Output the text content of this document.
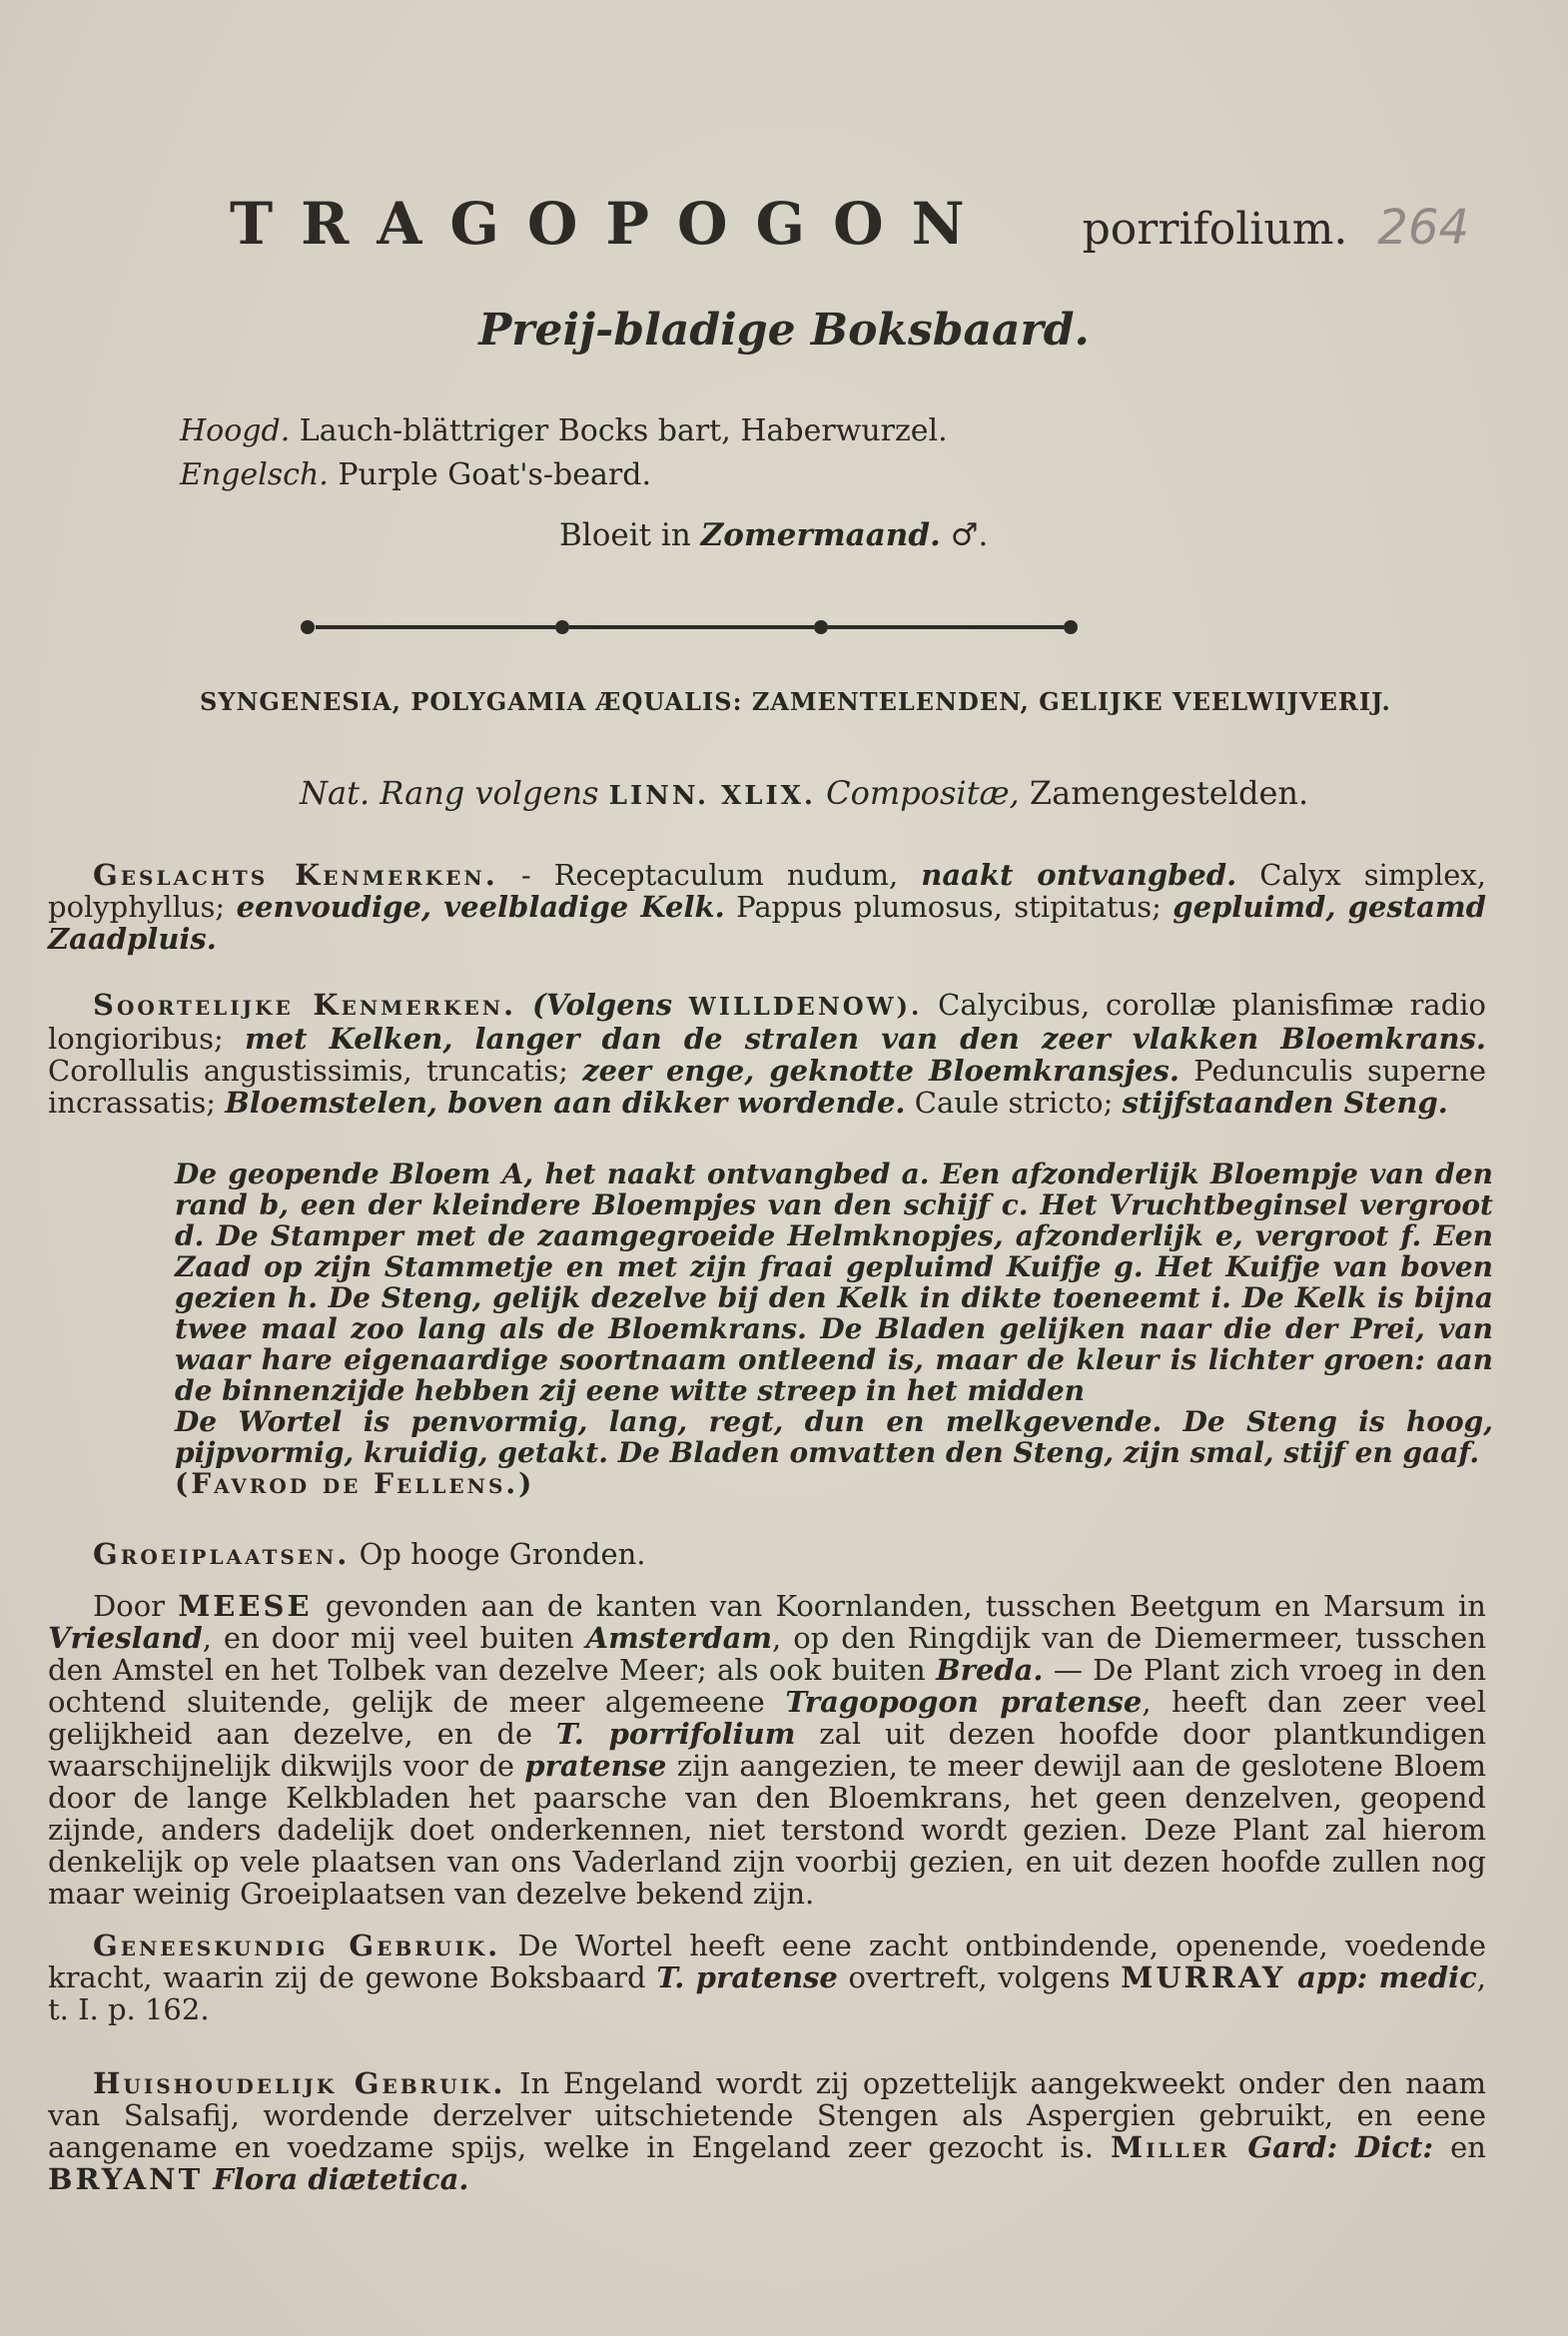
TRAGOPOGON porrifolium. 264
Preij-bladige Boksbaard.
Hoogd. Lauch-blättriger Bocks bart, Haberwurzel.
Engelsch. Purple Goat's-beard.
Bloeit in Zomermaand. ♂.
SYNGENESIA, POLYGAMIA ÆQUALIS: ZAMENTELENDEN, GELIJKE VEELWIJVERIJ.
Nat. Rang volgens LINN. XLIX. Compositæ, Zamengestelden.

Geslachts Kenmerken. - Receptaculum nudum, naakt ontvangbed. Calyx simplex, polyphyllus; eenvoudige, veelbladige Kelk. Pappus plumosus, stipitatus; gepluimd, gestamd Zaadpluis.

Soortelijke Kenmerken. (Volgens WILLDENOW). Calycibus, corollæ planisfimæ radio longioribus; met Kelken, langer dan de stralen van den zeer vlakken Bloemkrans. Corollulis angustissimis, truncatis; zeer enge, geknotte Bloemkransjes. Pedunculis superne incrassatis; Bloemstelen, boven aan dikker wordende. Caule stricto; stijfstaanden Steng.

De geopende Bloem A, het naakt ontvangbed a. Een afzonderlijk Bloempje van den rand b, een der kleindere Bloempjes van den schijf c. Het Vruchtbeginsel vergroot d. De Stamper met de zaamgegroeide Helmknopjes, afzonderlijk e, vergroot f. Een Zaad op zijn Stammetje en met zijn fraai gepluimd Kuifje g. Het Kuifje van boven gezien h. De Steng, gelijk dezelve bij den Kelk in dikte toeneemt i. De Kelk is bijna twee maal zoo lang als de Bloemkrans. De Bladen gelijken naar die der Prei, van waar hare eigenaardige soortnaam ontleend is, maar de kleur is lichter groen: aan de binnenzijde hebben zij eene witte streep in het midden

De Wortel is penvormig, lang, regt, dun en melkgevende. De Steng is hoog, pijpvormig, kruidig, getakt. De Bladen omvatten den Steng, zijn smal, stijf en gaaf.

(Favrod de Fellens.)

Groeiplaatsen. Op hooge Gronden.

Door MEESE gevonden aan de kanten van Koornlanden, tusschen Beetgum en Marsum in Vriesland, en door mij veel buiten Amsterdam, op den Ringdijk van de Diemermeer, tusschen den Amstel en het Tolbek van dezelve Meer; als ook buiten Breda. — De Plant zich vroeg in den ochtend sluitende, gelijk de meer algemeene Tragopogon pratense, heeft dan zeer veel gelijkheid aan dezelve, en de T. porrifolium zal uit dezen hoofde door plantkundigen waarschijnelijk dikwijls voor de pratense zijn aangezien, te meer dewijl aan de geslotene Bloem door de lange Kelkbladen het paarsche van den Bloemkrans, het geen denzelven, geopend zijnde, anders dadelijk doet onderkennen, niet terstond wordt gezien. Deze Plant zal hierom denkelijk op vele plaatsen van ons Vaderland zijn voorbij gezien, en uit dezen hoofde zullen nog maar weinig Groeiplaatsen van dezelve bekend zijn.

Geneeskundig Gebruik. De Wortel heeft eene zacht ontbindende, openende, voedende kracht, waarin zij de gewone Boksbaard T. pratense overtreft, volgens MURRAY app: medic, t. I. p. 162.

Huishoudelijk Gebruik. In Engeland wordt zij opzettelijk aangekweekt onder den naam van Salsafij, wordende derzelver uitschietende Stengen als Aspergien gebruikt, en eene aangename en voedzame spijs, welke in Engeland zeer gezocht is. Miller Gard: Dict: en BRYANT Flora diætetica.
